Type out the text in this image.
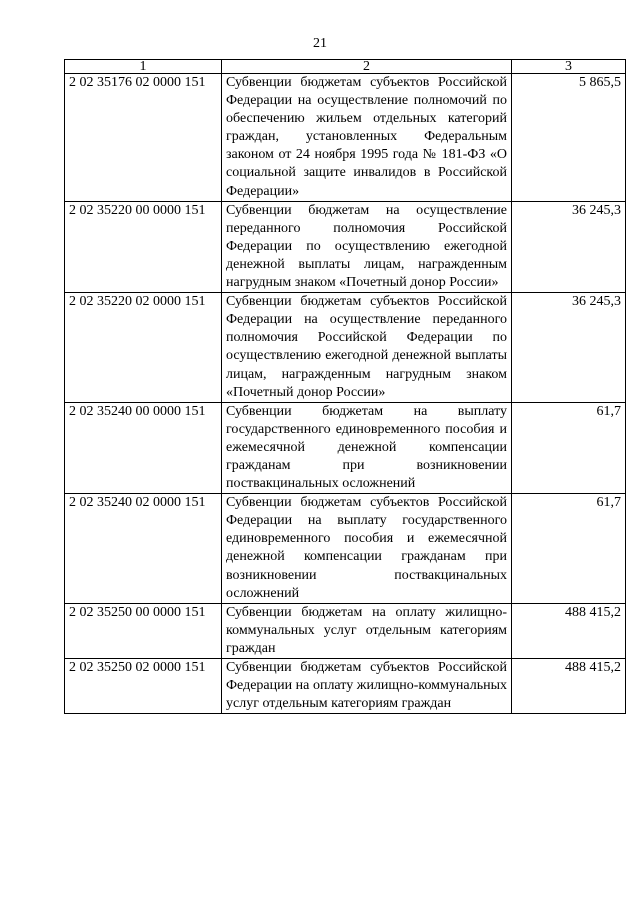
21
1	2	3
2 02 35176 02 0000 151	Субвенции бюджетам субъектов Российской Федерации на осуществление полномочий по обеспечению жильем отдельных категорий граждан, установленных Федеральным законом от 24 ноября 1995 года № 181-ФЗ «О социальной защите инвалидов в Российской Федерации»	5 865,5
2 02 35220 00 0000 151	Субвенции бюджетам на осуществление переданного полномочия Российской Федерации по осуществлению ежегодной денежной выплаты лицам, награжденным нагрудным знаком «Почетный донор России»	36 245,3
2 02 35220 02 0000 151	Субвенции бюджетам субъектов Российской Федерации на осуществление переданного полномочия Российской Федерации по осуществлению ежегодной денежной выплаты лицам, награжденным нагрудным знаком «Почетный донор России»	36 245,3
2 02 35240 00 0000 151	Субвенции бюджетам на выплату государственного единовременного пособия и ежемесячной денежной компенсации гражданам при возникновении поствакцинальных осложнений	61,7
2 02 35240 02 0000 151	Субвенции бюджетам субъектов Российской Федерации на выплату государственного единовременного пособия и ежемесячной денежной компенсации гражданам при возникновении поствакцинальных осложнений	61,7
2 02 35250 00 0000 151	Субвенции бюджетам на оплату жилищно-коммунальных услуг отдельным категориям граждан	488 415,2
2 02 35250 02 0000 151	Субвенции бюджетам субъектов Российской Федерации на оплату жилищно-коммунальных услуг отдельным категориям граждан	488 415,2
